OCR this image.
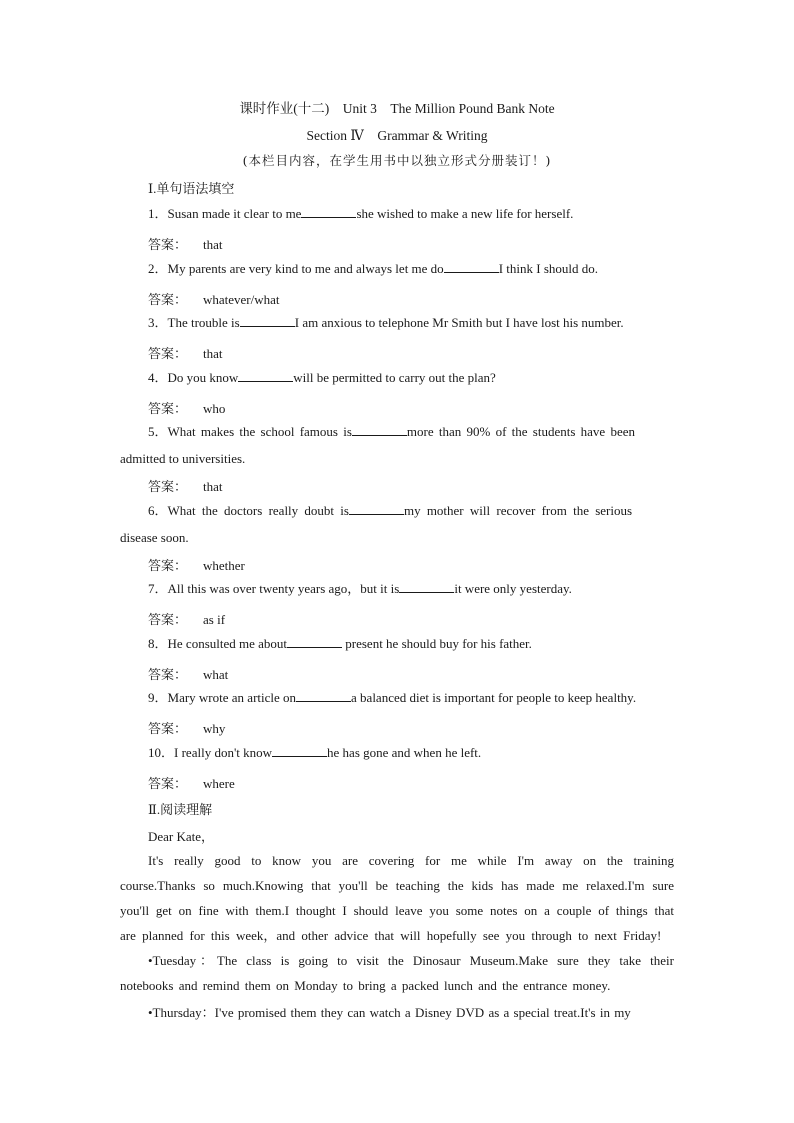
课时作业(十二)　Unit 3　The Million Pound Bank Note
Section Ⅳ　Grammar & Writing
(本栏目内容，在学生用书中以独立形式分册装订！)
Ⅰ.单句语法填空
1．Susan made it clear to me	she wished to make a new life for herself.
答案： that
2．My parents are very kind to me and always let me do	I think I should do.
答案： whatever/what
3．The trouble is	I am anxious to telephone Mr Smith but I have lost his number.
答案： that
4．Do you know	will be permitted to carry out the plan?
答案： who
5．What makes the school famous is	more than 90% of the students have been
admitted to universities.
答案： that
6．What the doctors really doubt is	my mother will recover from the serious
disease soon.
答案： whether
7．All this was over twenty years ago，but it is	it were only yesterday.
答案： as if
8．He consulted me about	present he should buy for his father.
答案： what
9．Mary wrote an article on	a balanced diet is important for people to keep healthy.
答案： why
10．I really don't know	he has gone and when he left.
答案： where
Ⅱ.阅读理解
Dear Kate，
It's really good to know you are covering for me while I'm away on the training course.Thanks so much.Knowing that you'll be teaching the kids has made me relaxed.I'm sure you'll get on fine with them.I thought I should leave you some notes on a couple of things that are planned for this week，and other advice that will hopefully see you through to next Friday!
•Tuesday：The class is going to visit the Dinosaur Museum.Make sure they take their notebooks and remind them on Monday to bring a packed lunch and the entrance money.
•Thursday：I've promised them they can watch a Disney DVD as a special treat.It's in my
